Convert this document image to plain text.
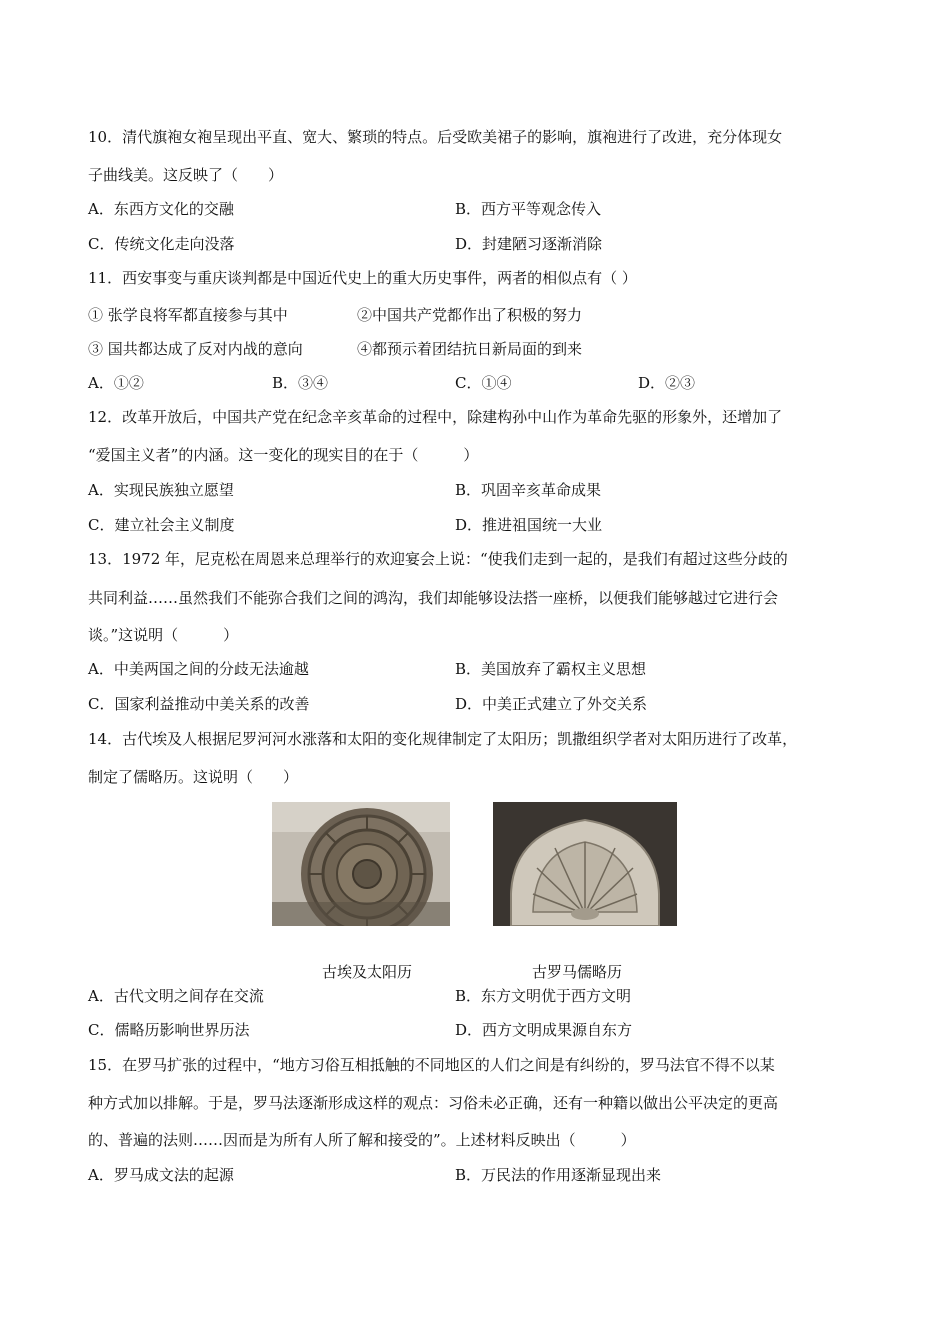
10．清代旗袍女袍呈现出平直、宽大、繁琐的特点。后受欧美裙子的影响，旗袍进行了改进，充分体现女
子曲线美。这反映了（　　）
A．东西方文化的交融	B．西方平等观念传入
C．传统文化走向没落	D．封建陋习逐渐消除
11．西安事变与重庆谈判都是中国近代史上的重大历史事件，两者的相似点有（ ）
① 张学良将军都直接参与其中	②中国共产党都作出了积极的努力
③ 国共都达成了反对内战的意向	④都预示着团结抗日新局面的到来
A．①②	B．③④	C．①④	D．②③
12．改革开放后，中国共产党在纪念辛亥革命的过程中，除建构孙中山作为革命先驱的形象外，还增加了
“爱国主义者”的内涵。这一变化的现实目的在于（　　　）
A．实现民族独立愿望	B．巩固辛亥革命成果
C．建立社会主义制度	D．推进祖国统一大业
13．1972 年，尼克松在周恩来总理举行的欢迎宴会上说：“使我们走到一起的，是我们有超过这些分歧的
共同利益……虽然我们不能弥合我们之间的鸿沟，我们却能够设法搭一座桥，以便我们能够越过它进行会
谈。”这说明（　　　）
A．中美两国之间的分歧无法逾越	B．美国放弃了霸权主义思想
C．国家利益推动中美关系的改善	D．中美正式建立了外交关系
14．古代埃及人根据尼罗河河水涨落和太阳的变化规律制定了太阳历；凯撒组织学者对太阳历进行了改革，
制定了儒略历。这说明（　　）
古埃及太阳历	古罗马儒略历
A．古代文明之间存在交流	B．东方文明优于西方文明
C．儒略历影响世界历法	D．西方文明成果源自东方
15．在罗马扩张的过程中，“地方习俗互相抵触的不同地区的人们之间是有纠纷的，罗马法官不得不以某
种方式加以排解。于是，罗马法逐渐形成这样的观点：习俗未必正确，还有一种籍以做出公平决定的更高
的、普遍的法则……因而是为所有人所了解和接受的”。上述材料反映出（　　　）
A．罗马成文法的起源	B．万民法的作用逐渐显现出来
